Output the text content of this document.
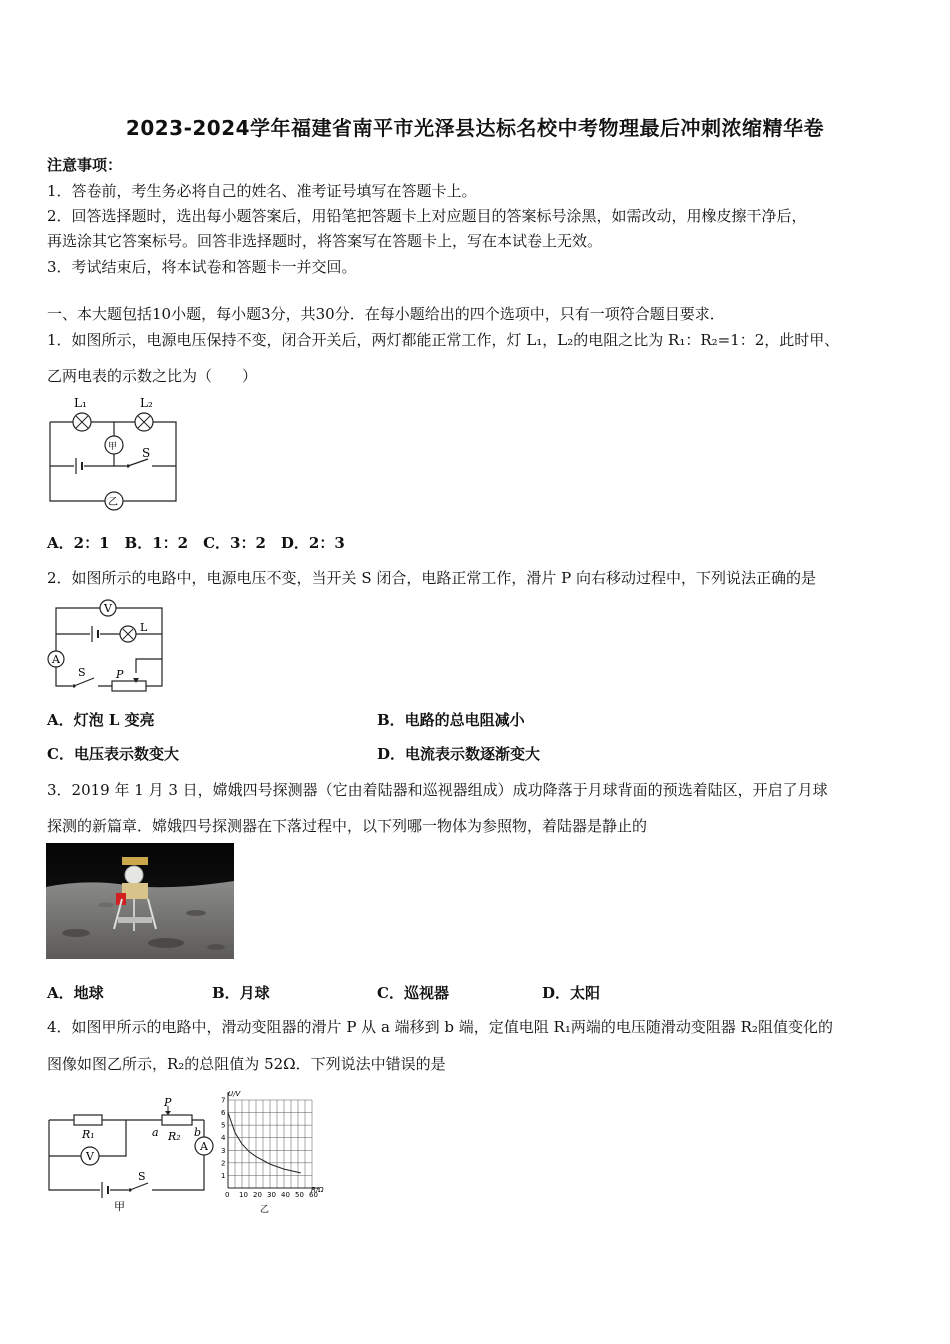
2023-2024学年福建省南平市光泽县达标名校中考物理最后冲刺浓缩精华卷
注意事项：
1．答卷前，考生务必将自己的姓名、准考证号填写在答题卡上。
2．回答选择题时，选出每小题答案后，用铅笔把答题卡上对应题目的答案标号涂黑，如需改动，用橡皮擦干净后，
再选涂其它答案标号。回答非选择题时，将答案写在答题卡上，写在本试卷上无效。
3．考试结束后，将本试卷和答题卡一并交回。
一、本大题包括10小题，每小题3分，共30分．在每小题给出的四个选项中，只有一项符合题目要求．
1．如图所示，电源电压保持不变，闭合开关后，两灯都能正常工作，灯 L₁，L₂的电阻之比为 R₁：R₂=1：2，此时甲、
乙两电表的示数之比为（　　）
L₁	L₂
甲 S
乙
A．2：1　B．1：2　C．3：2　D．2：3
2．如图所示的电路中，电源电压不变，当开关 S 闭合，电路正常工作，滑片 P 向右移动过程中，下列说法正确的是
V
L
A
S	P
A．灯泡 L 变亮	B．电路的总电阻减小
C．电压表示数变大	D．电流表示数逐渐变大
3．2019 年 1 月 3 日，嫦娥四号探测器（它由着陆器和巡视器组成）成功降落于月球背面的预选着陆区，开启了月球
探测的新篇章．嫦娥四号探测器在下落过程中，以下列哪一物体为参照物，着陆器是静止的
A．地球	B．月球	C．巡视器	D．太阳
4．如图甲所示的电路中，滑动变阻器的滑片 P 从 a 端移到 b 端，定值电阻 R₁两端的电压随滑动变阻器 R₂阻值变化的
图像如图乙所示，R₂的总阻值为 52Ω．下列说法中错误的是
R₁
P
a R₂ b
A
V
S
甲
0 10 20 30 40 50 60
1
2
3
4
5
6
7
U/V
R/Ω
乙
